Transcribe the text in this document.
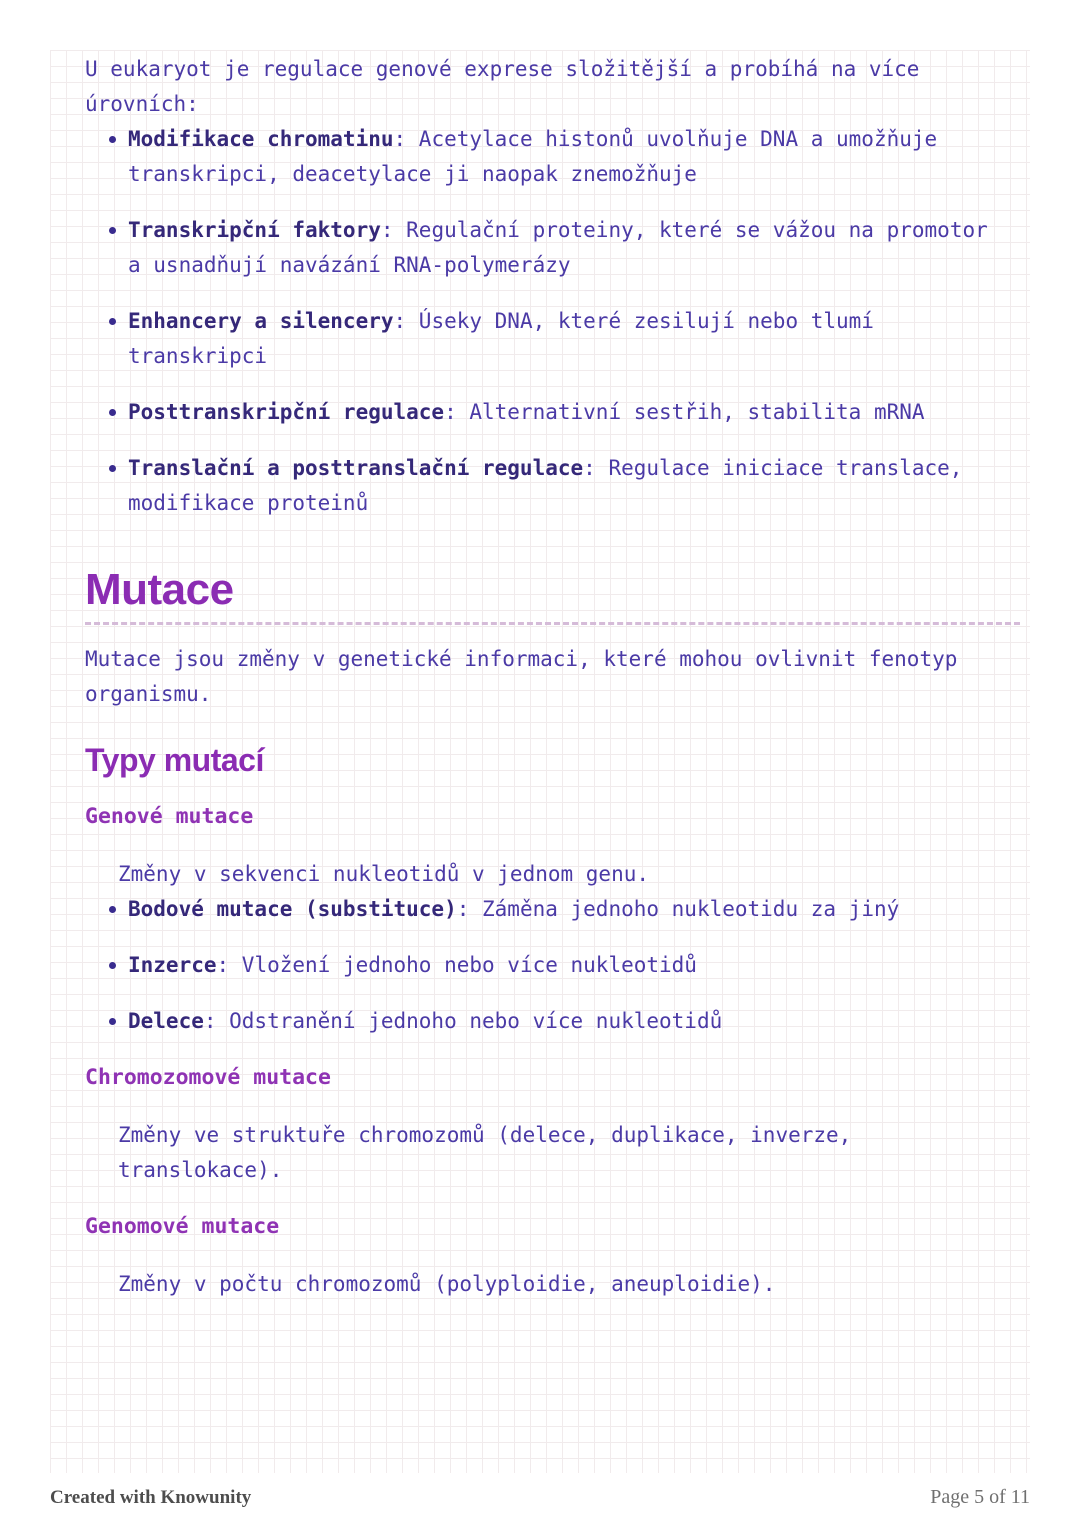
U eukaryot je regulace genové exprese složitější a probíhá na více úrovních:

Modifikace chromatinu: Acetylace histonů uvolňuje DNA a umožňuje transkripci, deacetylace ji naopak znemožňuje
Transkripční faktory: Regulační proteiny, které se vážou na promotor a usnadňují navázání RNA-polymerázy
Enhancery a silencery: Úseky DNA, které zesilují nebo tlumí transkripci
Posttranskripční regulace: Alternativní sestřih, stabilita mRNA
Translační a posttranslační regulace: Regulace iniciace translace, modifikace proteinů
Mutace

Mutace jsou změny v genetické informaci, které mohou ovlivnit fenotyp organismu.

Typy mutací
Genové mutace

Změny v sekvenci nukleotidů v jednom genu.

Bodové mutace (substituce): Záměna jednoho nukleotidu za jiný
Inzerce: Vložení jednoho nebo více nukleotidů
Delece: Odstranění jednoho nebo více nukleotidů
Chromozomové mutace

Změny ve struktuře chromozomů (delece, duplikace, inverze, translokace).

Genomové mutace

Změny v počtu chromozomů (polyploidie, aneuploidie).

Created with Knowunity	Page 5 of 11
